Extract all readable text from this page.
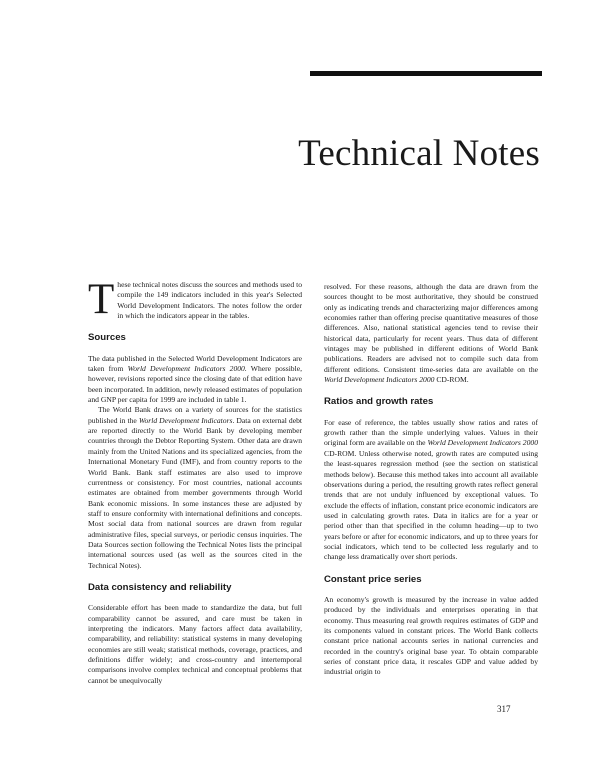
Technical Notes

These technical notes discuss the sources and methods used to compile the 149 indicators included in this year's Selected World Development Indicators. The notes follow the order in which the indicators appear in the tables.

Sources

The data published in the Selected World Development Indicators are taken from World Development Indicators 2000. Where possible, however, revisions reported since the closing date of that edition have been incorporated. In addition, newly released estimates of population and GNP per capita for 1999 are included in table 1.

The World Bank draws on a variety of sources for the statistics published in the World Development Indicators. Data on external debt are reported directly to the World Bank by developing member countries through the Debtor Reporting System. Other data are drawn mainly from the United Nations and its specialized agencies, from the International Monetary Fund (IMF), and from country reports to the World Bank. Bank staff estimates are also used to improve currentness or consistency. For most countries, national accounts estimates are obtained from member governments through World Bank economic missions. In some instances these are adjusted by staff to ensure conformity with international definitions and concepts. Most social data from national sources are drawn from regular administrative files, special surveys, or periodic census inquiries. The Data Sources section following the Technical Notes lists the principal international sources used (as well as the sources cited in the Technical Notes).

Data consistency and reliability

Considerable effort has been made to standardize the data, but full comparability cannot be assured, and care must be taken in interpreting the indicators. Many factors affect data availability, comparability, and reliability: statistical systems in many developing economies are still weak; statistical methods, coverage, practices, and definitions differ widely; and cross-country and intertemporal comparisons involve complex technical and conceptual problems that cannot be unequivocally

resolved. For these reasons, although the data are drawn from the sources thought to be most authoritative, they should be construed only as indicating trends and characterizing major differences among economies rather than offering precise quantitative measures of those differences. Also, national statistical agencies tend to revise their historical data, particularly for recent years. Thus data of different vintages may be published in different editions of World Bank publications. Readers are advised not to compile such data from different editions. Consistent time-series data are available on the World Development Indicators 2000 CD-ROM.

Ratios and growth rates

For ease of reference, the tables usually show ratios and rates of growth rather than the simple underlying values. Values in their original form are available on the World Development Indicators 2000 CD-ROM. Unless otherwise noted, growth rates are computed using the least-squares regression method (see the section on statistical methods below). Because this method takes into account all available observations during a period, the resulting growth rates reflect general trends that are not unduly influenced by exceptional values. To exclude the effects of inflation, constant price economic indicators are used in calculating growth rates. Data in italics are for a year or period other than that specified in the column heading—up to two years before or after for economic indicators, and up to three years for social indicators, which tend to be collected less regularly and to change less dramatically over short periods.

Constant price series

An economy's growth is measured by the increase in value added produced by the individuals and enterprises operating in that economy. Thus measuring real growth requires estimates of GDP and its components valued in constant prices. The World Bank collects constant price national accounts series in national currencies and recorded in the country's original base year. To obtain comparable series of constant price data, it rescales GDP and value added by industrial origin to

317
